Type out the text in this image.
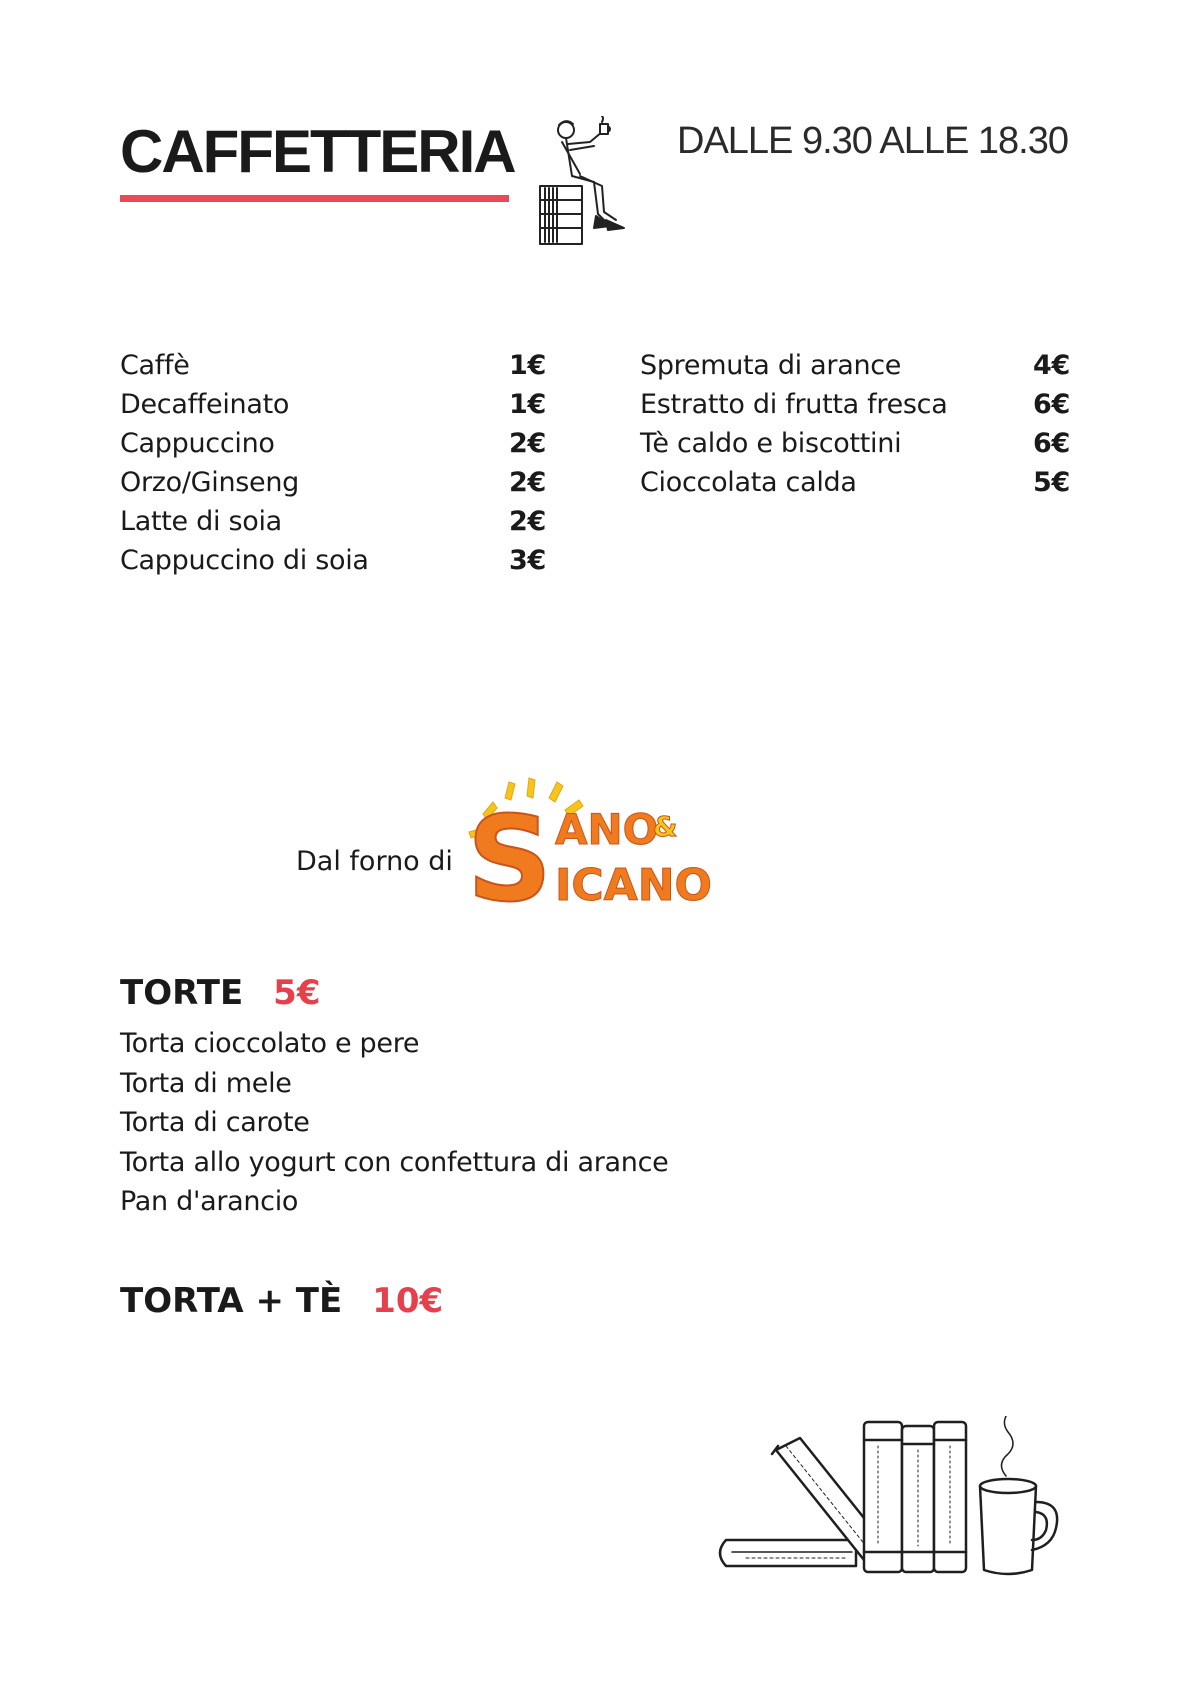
CAFFETTERIA	DALLE 9.30 ALLE 18.30
Caffè	1€
Decaffeinato	1€
Cappuccino	2€
Orzo/Ginseng	2€
Latte di soia	2€
Cappuccino di soia	3€
Spremuta di arance	4€
Estratto di frutta fresca	6€
Tè caldo e biscottini	6€
Cioccolata calda	5€
Dal forno di S ANO
&
ICANO
TORTE 5€
Torta cioccolato e pere
Torta di mele
Torta di carote
Torta allo yogurt con confettura di arance
Pan d'arancio
TORTA + TÈ 10€
